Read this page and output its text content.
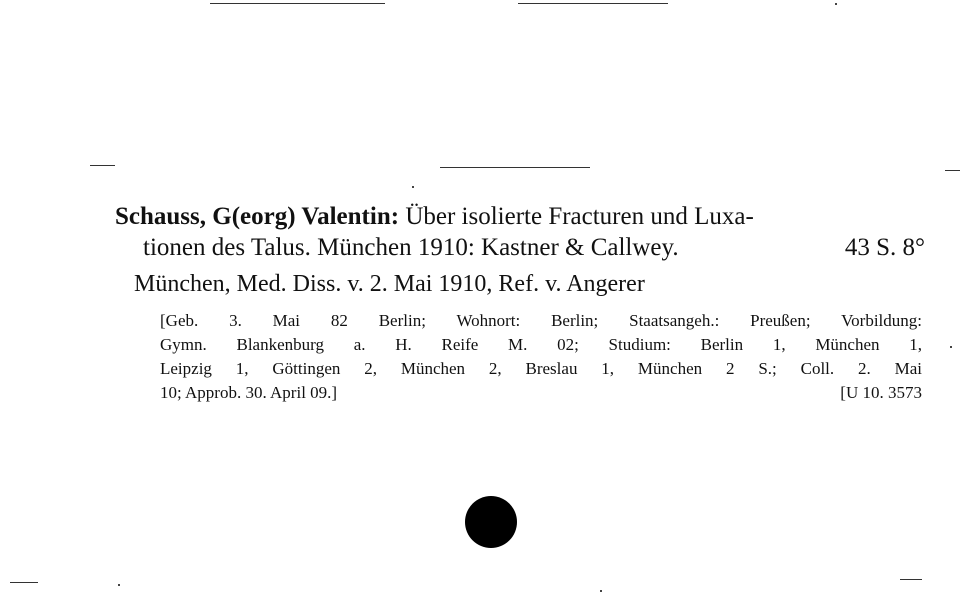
Schauss, G(eorg) Valentin: Über isolierte Fracturen und Luxa-
tionen des Talus. München 1910: Kastner & Callwey.	43 S. 8°
München, Med. Diss. v. 2. Mai 1910, Ref. v. Angerer
[Geb. 3. Mai 82 Berlin; Wohnort: Berlin; Staatsangeh.: Preußen; Vorbildung:
Gymn. Blankenburg a. H. Reife M. 02; Studium: Berlin 1, München 1,
Leipzig 1, Göttingen 2, München 2, Breslau 1, München 2 S.; Coll. 2. Mai
10; Approb. 30. April 09.]	[U 10. 3573
